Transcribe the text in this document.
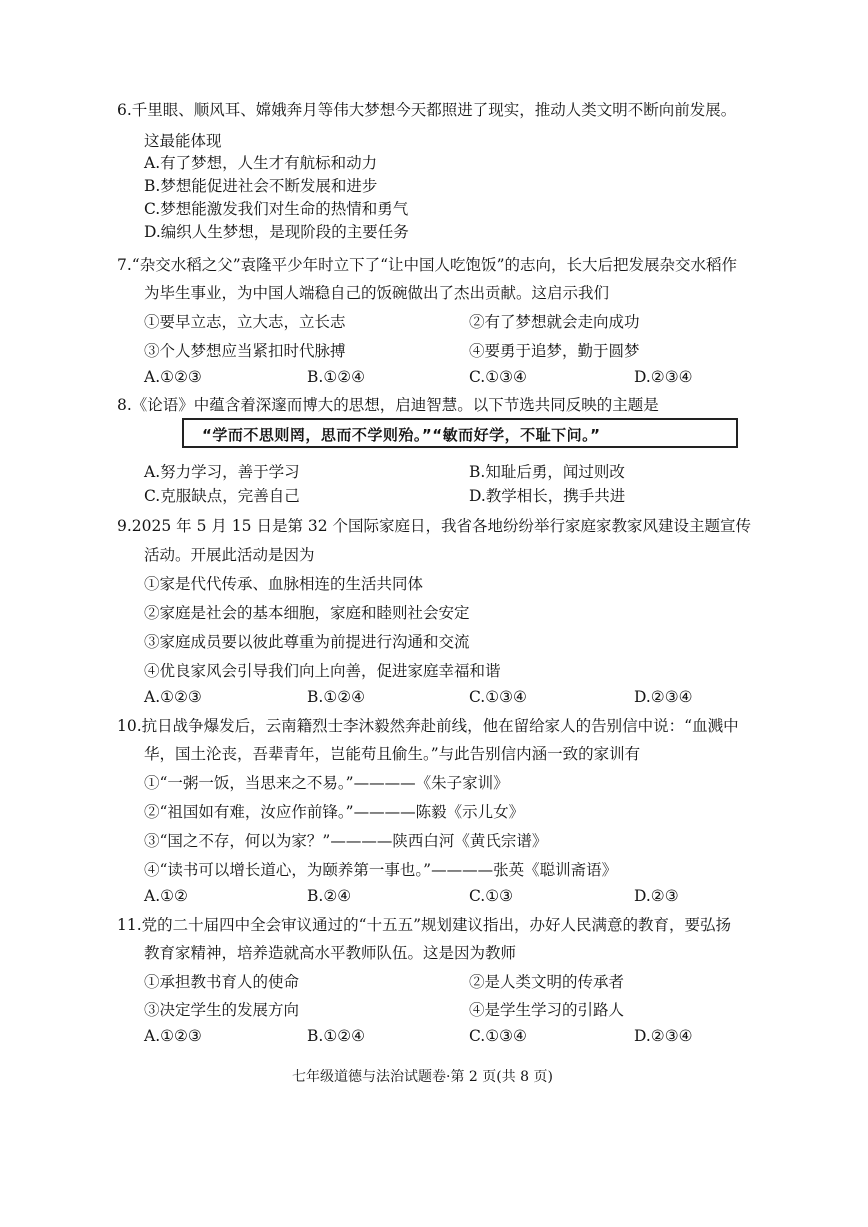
6.千里眼、顺风耳、嫦娥奔月等伟大梦想今天都照进了现实，推动人类文明不断向前发展。
这最能体现
A.有了梦想，人生才有航标和动力
B.梦想能促进社会不断发展和进步
C.梦想能激发我们对生命的热情和勇气
D.编织人生梦想，是现阶段的主要任务
7.“杂交水稻之父”袁隆平少年时立下了“让中国人吃饱饭”的志向，长大后把发展杂交水稻作
为毕生事业，为中国人端稳自己的饭碗做出了杰出贡献。这启示我们
①要早立志，立大志，立长志	②有了梦想就会走向成功
③个人梦想应当紧扣时代脉搏	④要勇于追梦，勤于圆梦
A.①②③	B.①②④	C.①③④	D.②③④
8.《论语》中蕴含着深邃而博大的思想，启迪智慧。以下节选共同反映的主题是
“学而不思则罔，思而不学则殆。”“敏而好学，不耻下问。”
A.努力学习，善于学习	B.知耻后勇，闻过则改
C.克服缺点，完善自己	D.教学相长，携手共进
9.2025 年 5 月 15 日是第 32 个国际家庭日，我省各地纷纷举行家庭家教家风建设主题宣传
活动。开展此活动是因为
①家是代代传承、血脉相连的生活共同体
②家庭是社会的基本细胞，家庭和睦则社会安定
③家庭成员要以彼此尊重为前提进行沟通和交流
④优良家风会引导我们向上向善，促进家庭幸福和谐
A.①②③	B.①②④	C.①③④	D.②③④
10.抗日战争爆发后，云南籍烈士李沐毅然奔赴前线，他在留给家人的告别信中说：“血溅中
华，国土沦丧，吾辈青年，岂能苟且偷生。”与此告别信内涵一致的家训有
①“一粥一饭，当思来之不易。”————《朱子家训》
②“祖国如有难，汝应作前锋。”————陈毅《示儿女》
③“国之不存，何以为家？”————陕西白河《黄氏宗谱》
④“读书可以增长道心，为颐养第一事也。”————张英《聪训斋语》
A.①②	B.②④	C.①③	D.②③
11.党的二十届四中全会审议通过的“十五五”规划建议指出，办好人民满意的教育，要弘扬
教育家精神，培养造就高水平教师队伍。这是因为教师
①承担教书育人的使命	②是人类文明的传承者
③决定学生的发展方向	④是学生学习的引路人
A.①②③	B.①②④	C.①③④	D.②③④
七年级道德与法治试题卷·第 2 页(共 8 页)
